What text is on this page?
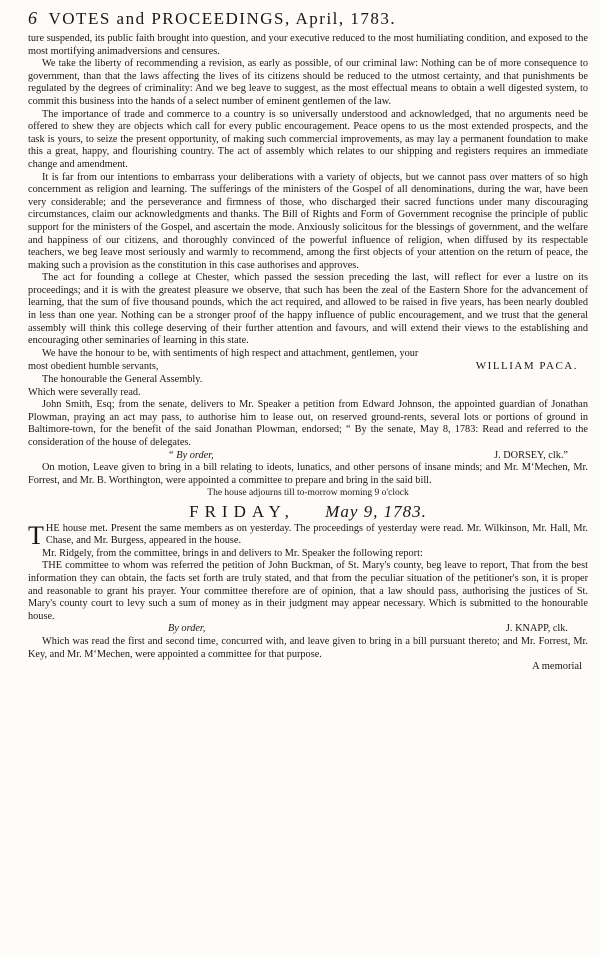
6 VOTES and PROCEEDINGS, April, 1783.

ture suspended, its public faith brought into question, and your executive reduced to the most humiliating condition, and exposed to the most mortifying animadversions and censures.

We take the liberty of recommending a revision, as early as possible, of our criminal law: Nothing can be of more consequence to government, than that the laws affecting the lives of its citizens should be reduced to the utmost certainty, and that punishments be regulated by the degrees of criminality: And we beg leave to suggest, as the most effectual means to obtain a well digested system, to commit this business into the hands of a select number of eminent gentlemen of the law.

The importance of trade and commerce to a country is so universally understood and acknowledged, that no arguments need be offered to shew they are objects which call for every public encouragement. Peace opens to us the most extended prospects, and the task is yours, to seize the present opportunity, of making such commercial improvements, as may lay a permanent foundation to make this a great, happy, and flourishing country. The act of assembly which relates to our shipping and registers requires an immediate change and amendment.

It is far from our intentions to embarrass your deliberations with a variety of objects, but we cannot pass over matters of so high concernment as religion and learning. The sufferings of the ministers of the Gospel of all denominations, during the war, have been very considerable; and the perseverance and firmness of those, who discharged their sacred functions under many discouraging circumstances, claim our acknowledgments and thanks. The Bill of Rights and Form of Government recognise the principle of public support for the ministers of the Gospel, and ascertain the mode. Anxiously solicitous for the blessings of government, and the welfare and happiness of our citizens, and thoroughly convinced of the powerful influence of religion, when diffused by its respectable teachers, we beg leave most seriously and warmly to recommend, among the first objects of your attention on the return of peace, the making such a provision as the constitution in this case authorises and approves.

The act for founding a college at Chester, which passed the session preceding the last, will reflect for ever a lustre on its proceedings; and it is with the greatest pleasure we observe, that such has been the zeal of the Eastern Shore for the advancement of learning, that the sum of five thousand pounds, which the act required, and allowed to be raised in five years, has been nearly doubled in less than one year. Nothing can be a stronger proof of the happy influence of public encouragement, and we trust that the general assembly will think this college deserving of their further attention and favours, and will extend their views to the establishing and encouraging other seminaries of learning in this state.

We have the honour to be, with sentiments of high respect and attachment, gentlemen, your

most obedient humble servants,	WILLIAM PACA.

The honourable the General Assembly.

Which were severally read.

John Smith, Esq; from the senate, delivers to Mr. Speaker a petition from Edward Johnson, the appointed guardian of Jonathan Plowman, praying an act may pass, to authorise him to lease out, on reserved ground-rents, several lots or portions of ground in Baltimore-town, for the benefit of the said Jonathan Plowman, endorsed; “ By the senate, May 8, 1783: Read and referred to the consideration of the house of delegates.

“ By order,	J. DORSEY, clk.”

On motion, Leave given to bring in a bill relating to ideots, lunatics, and other persons of insane minds; and Mr. M‘Mechen, Mr. Forrest, and Mr. B. Worthington, were appointed a committee to prepare and bring in the said bill.

The house adjourns till to-morrow morning 9 o'clock
FRIDAY, May 9, 1783.

T HE house met. Present the same members as on yesterday. The proceedings of yesterday were read. Mr. Wilkinson, Mr. Hall, Mr. Chase, and Mr. Burgess, appeared in the house.

Mr. Ridgely, from the committee, brings in and delivers to Mr. Speaker the following report:

THE committee to whom was referred the petition of John Buckman, of St. Mary's county, beg leave to report, That from the best information they can obtain, the facts set forth are truly stated, and that from the peculiar situation of the petitioner's son, it is proper and reasonable to grant his prayer. Your committee therefore are of opinion, that a law should pass, authorising the justices of St. Mary's county court to levy such a sum of money as in their judgment may appear necessary. Which is submitted to the honourable house.

By order,	J. KNAPP, clk.

Which was read the first and second time, concurred with, and leave given to bring in a bill pursuant thereto; and Mr. Forrest, Mr. Key, and Mr. M‘Mechen, were appointed a committee for that purpose.

A memorial
